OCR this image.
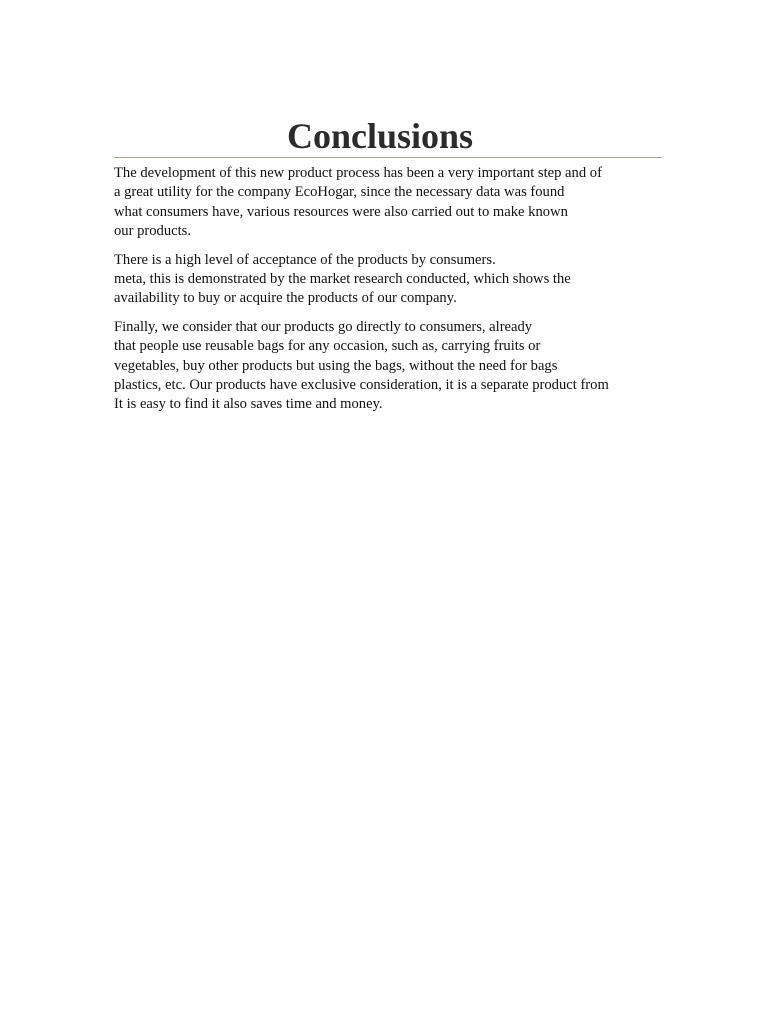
Conclusions

The development of this new product process has been a very important step and of
a great utility for the company EcoHogar, since the necessary data was found
what consumers have, various resources were also carried out to make known
our products.

There is a high level of acceptance of the products by consumers.
meta, this is demonstrated by the market research conducted, which shows the
availability to buy or acquire the products of our company.

Finally, we consider that our products go directly to consumers, already
that people use reusable bags for any occasion, such as, carrying fruits or
vegetables, buy other products but using the bags, without the need for bags
plastics, etc. Our products have exclusive consideration, it is a separate product from
It is easy to find it also saves time and money.
